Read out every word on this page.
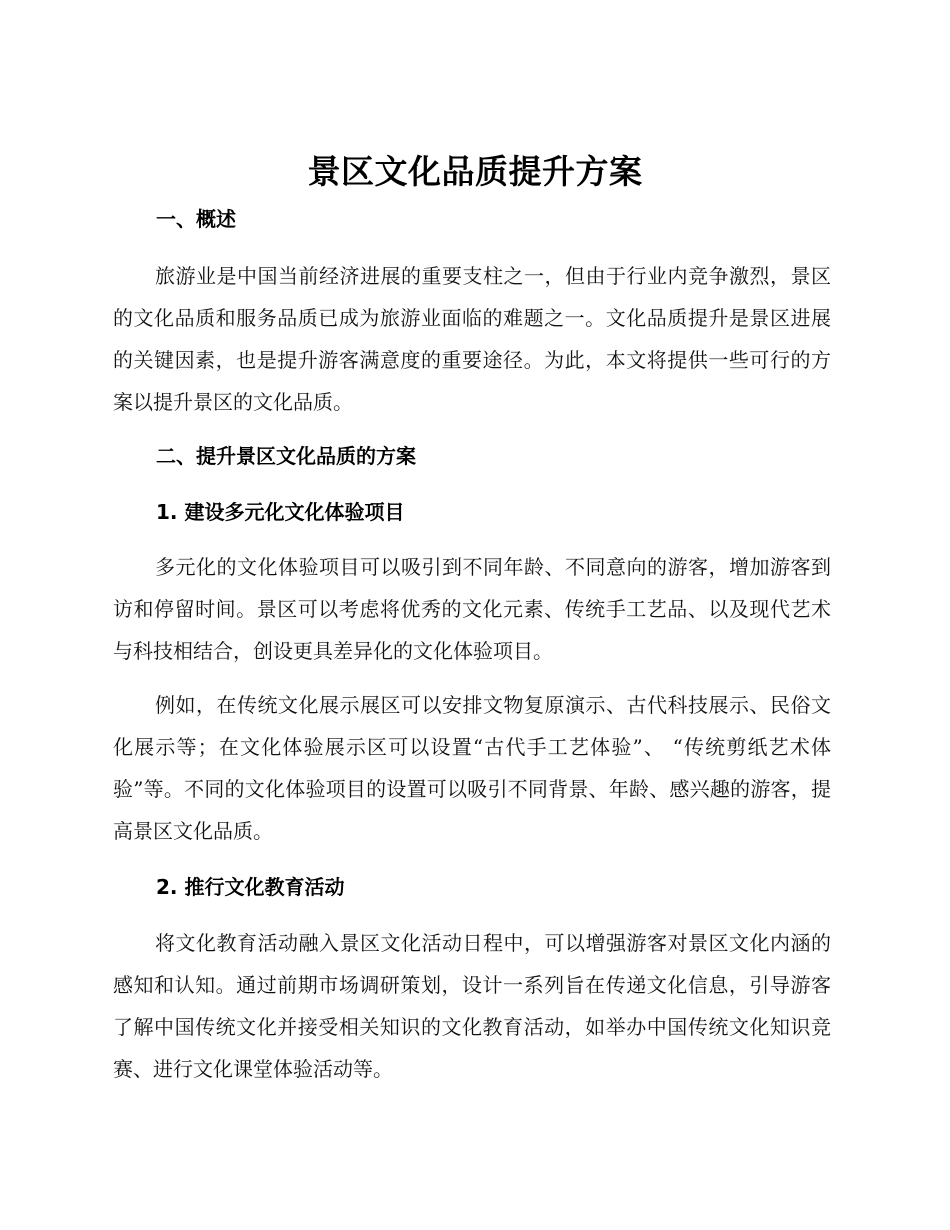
景区文化品质提升方案
一、概述

旅游业是中国当前经济进展的重要支柱之一，但由于行业内竞争激烈，景区的文化品质和服务品质已成为旅游业面临的难题之一。文化品质提升是景区进展的关键因素，也是提升游客满意度的重要途径。为此，本文将提供一些可行的方案以提升景区的文化品质。

二、提升景区文化品质的方案
1. 建设多元化文化体验项目

多元化的文化体验项目可以吸引到不同年龄、不同意向的游客，增加游客到访和停留时间。景区可以考虑将优秀的文化元素、传统手工艺品、以及现代艺术与科技相结合，创设更具差异化的文化体验项目。

例如，在传统文化展示展区可以安排文物复原演示、古代科技展示、民俗文化展示等；在文化体验展示区可以设置“古代手工艺体验”、 “传统剪纸艺术体验”等。不同的文化体验项目的设置可以吸引不同背景、年龄、感兴趣的游客，提高景区文化品质。

2. 推行文化教育活动

将文化教育活动融入景区文化活动日程中，可以增强游客对景区文化内涵的感知和认知。通过前期市场调研策划，设计一系列旨在传递文化信息，引导游客了解中国传统文化并接受相关知识的文化教育活动，如举办中国传统文化知识竞赛、进行文化课堂体验活动等。
